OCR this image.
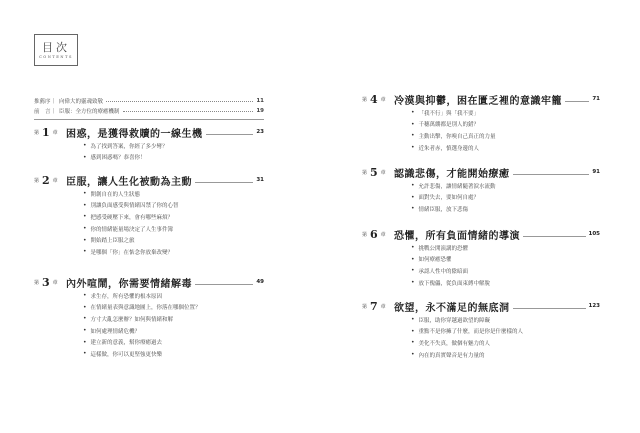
目次
CONTENTS
推薦序｜ 向偉大的靈魂致敬	11
前　言｜ 臣服：全方位的療癒機制	19
第 1 章 困惑，是獲得救贖的一線生機	23
• 為了找到答案，你經了多少彎？
• 感到困惑嗎？恭喜你！
第 2 章 臣服，讓人生化被動為主動	31
• 開創自在的人生狀態
• 別讓負面感受與情緒囚禁了你的心智
• 把感受硬壓下來，會有哪些麻煩？
• 你的情緒能量場決定了人生事件簿
• 開始踏上臣服之旅
• 是哪個「你」在惦念你放棄改變？
第 3 章 內外喧鬧，你需要情緒解毒	49
• 求生存，所有恐懼的根本原因
• 在情緒量表與意識地圖上，你落在哪個位置？
• 方寸大亂怎麼辦？如何與情緒和解
• 如何處理情緒危機？
• 建立新的意義，幫你療癒過去
• 這樣做，你可以更堅強更快樂
第 4 章 冷漠與抑鬱，困在匱乏裡的意識牢籠	71
• 「我不行」與「我不要」
• 千穗萬縷都是別人的錯？
• 主動出擊，你嗅自己真正的力量
• 近朱者赤，慎選身邊的人
第 5 章 認識悲傷，才能開始療癒	91
• 允許悲傷，讓情緒隨著淚水流動
• 面對失去，要如何自處？
• 情緒臣服，放下悲傷
第 6 章 恐懼，所有負面情緒的導演	105
• 挑戰公開演講的恐懼
• 如何療癒恐懼
• 承認人性中的陰暗面
• 放下傀儡，從負面束縛中解脫
第 7 章 欲望，永不滿足的無底洞	123
• 臣服，助你穿越過欲望的障礙
• 重點不是你擁了什麼，而是你是什麼樣的人
• 美化不失真，做個有魅力的人
• 內在的真實聲音是有力量的
